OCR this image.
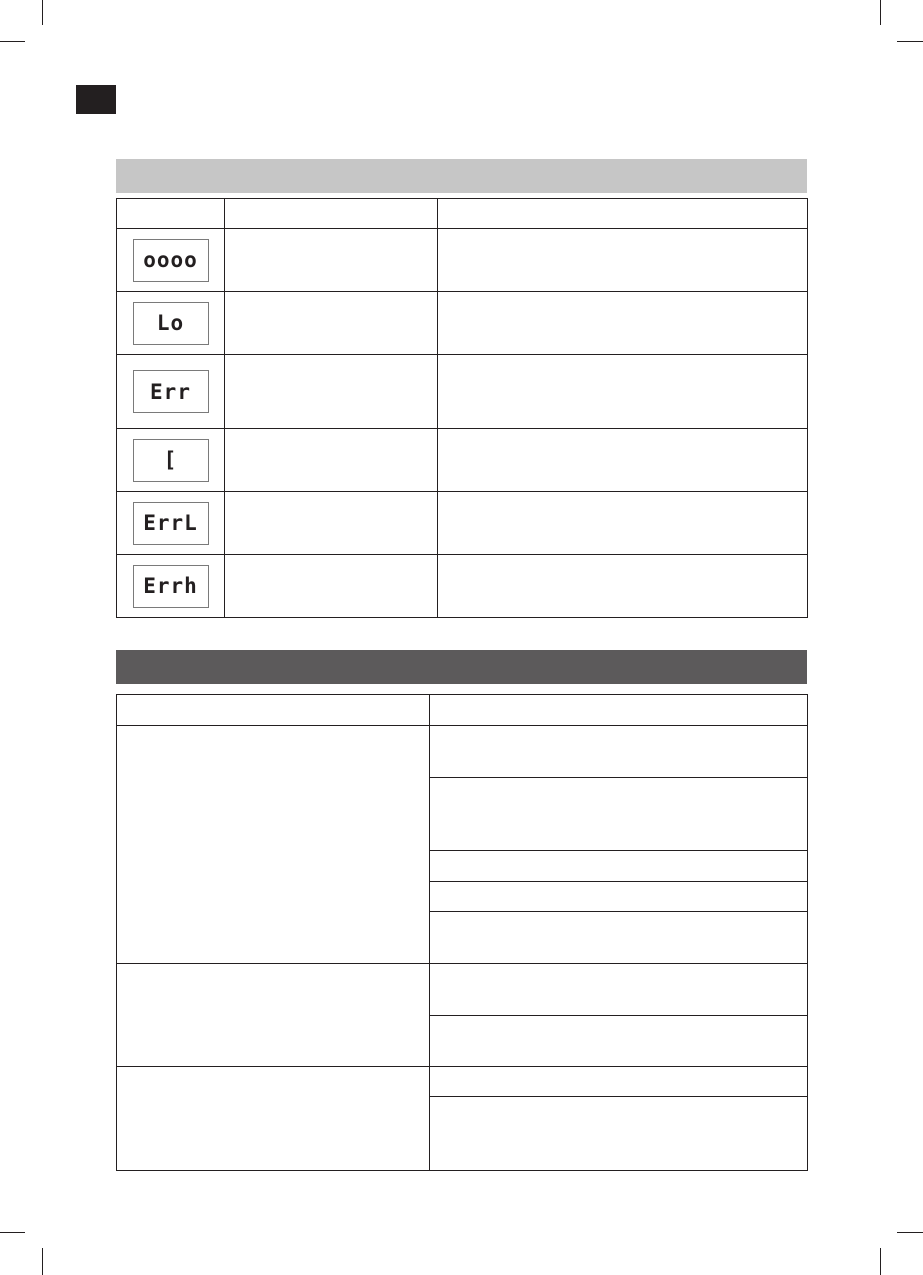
oooo		

Lo		

Err		

[		

ErrL		

Errh		
